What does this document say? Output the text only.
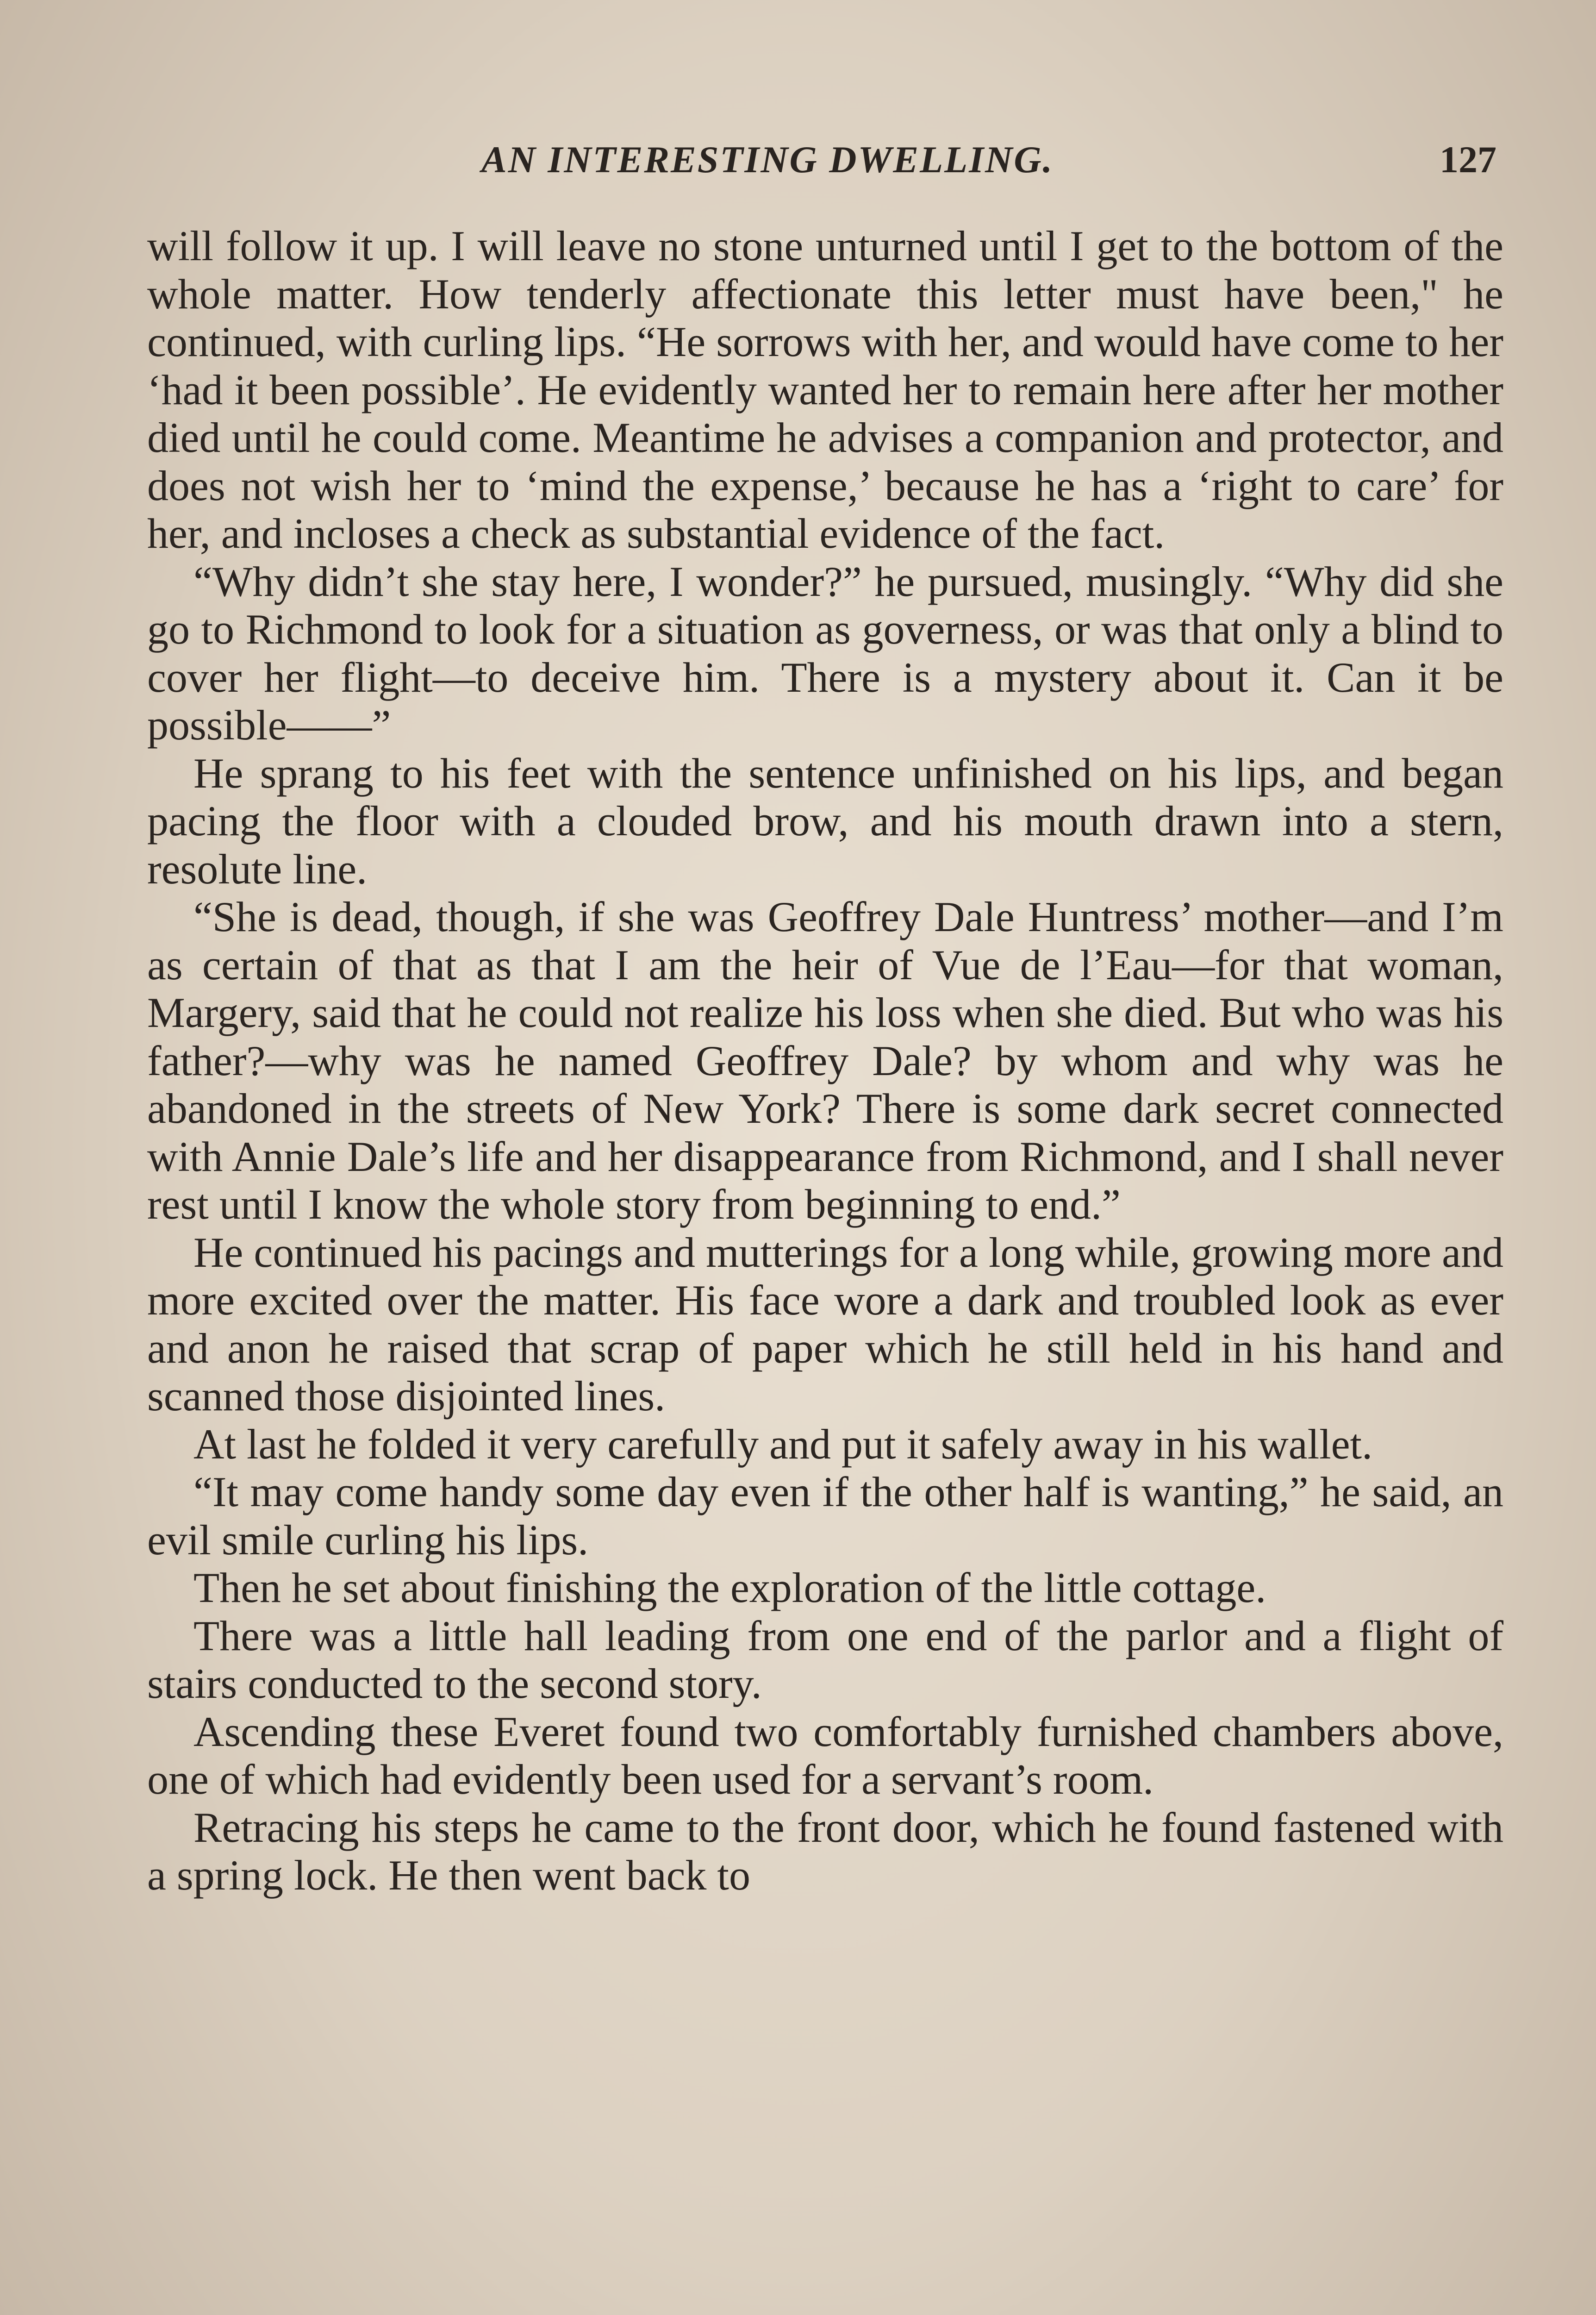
AN INTERESTING DWELLING.	127

will follow it up. I will leave no stone unturned until I get to the bottom of the whole matter. How tenderly affectionate this letter must have been," he continued, with curling lips. “He sorrows with her, and would have come to her ‘had it been possible’. He evidently wanted her to remain here after her mother died until he could come. Meantime he advises a companion and protector, and does not wish her to ‘mind the expense,’ because he has a ‘right to care’ for her, and incloses a check as substantial evidence of the fact.

“Why didn’t she stay here, I wonder?” he pursued, musingly. “Why did she go to Richmond to look for a situation as governess, or was that only a blind to cover her flight—to deceive him. There is a mystery about it. Can it be possible——”

He sprang to his feet with the sentence unfinished on his lips, and began pacing the floor with a clouded brow, and his mouth drawn into a stern, resolute line.

“She is dead, though, if she was Geoffrey Dale Huntress’ mother—and I’m as certain of that as that I am the heir of Vue de l’Eau—for that woman, Margery, said that he could not realize his loss when she died. But who was his father?—why was he named Geoffrey Dale? by whom and why was he abandoned in the streets of New York? There is some dark secret connected with Annie Dale’s life and her disappearance from Richmond, and I shall never rest until I know the whole story from beginning to end.”

He continued his pacings and mutterings for a long while, growing more and more excited over the matter. His face wore a dark and troubled look as ever and anon he raised that scrap of paper which he still held in his hand and scanned those disjointed lines.

At last he folded it very carefully and put it safely away in his wallet.

“It may come handy some day even if the other half is wanting,” he said, an evil smile curling his lips.

Then he set about finishing the exploration of the little cottage.

There was a little hall leading from one end of the parlor and a flight of stairs conducted to the second story.

Ascending these Everet found two comfortably furnished chambers above, one of which had evidently been used for a servant’s room.

Retracing his steps he came to the front door, which he found fastened with a spring lock. He then went back to
